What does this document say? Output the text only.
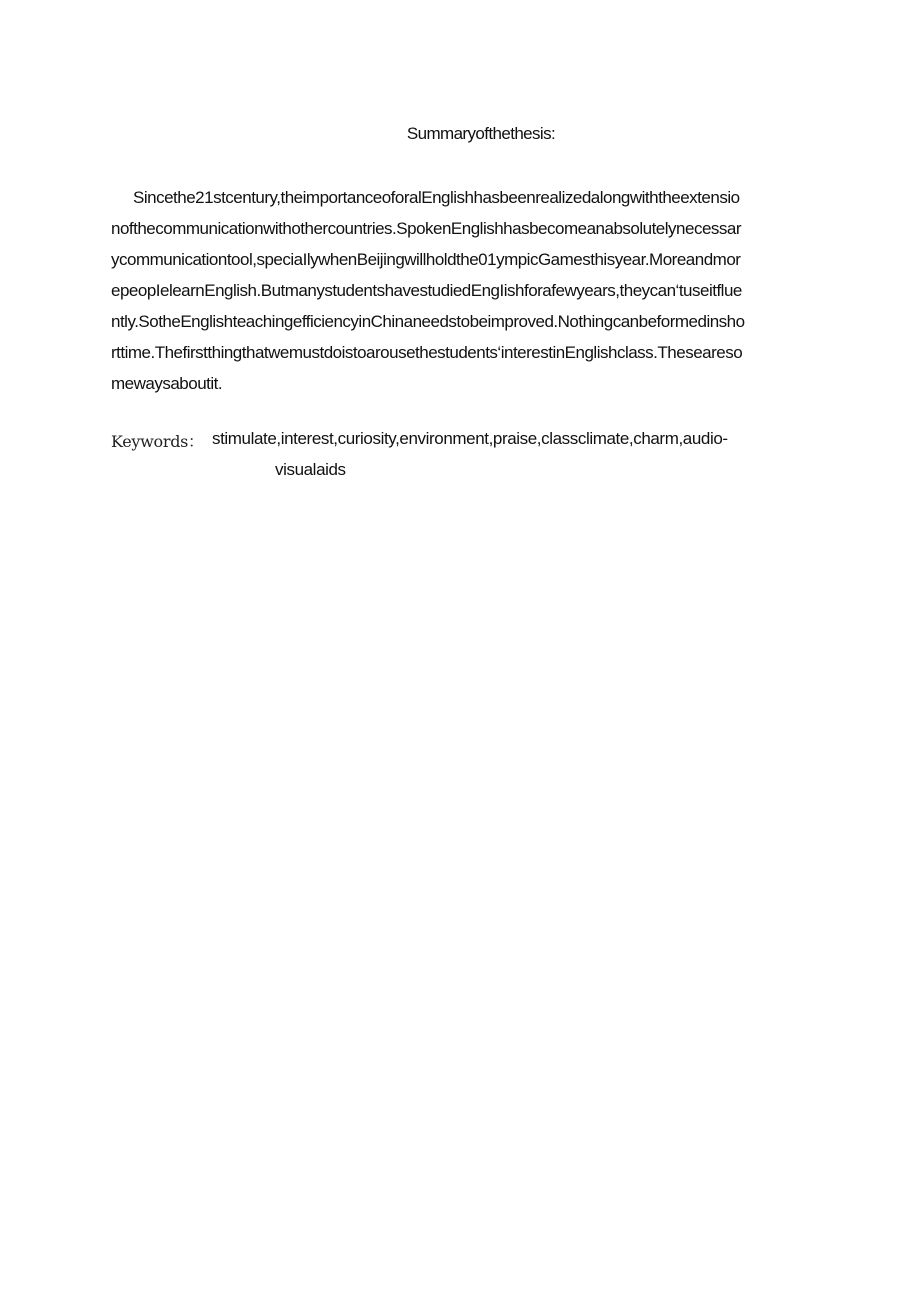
Summaryofthethesis:
Sincethe21stcentury,theimportanceoforalEnglishhasbeenrealizedalongwiththeextensio
nofthecommunicationwithothercountries.SpokenEnglishhasbecomeanabsolutelynecessar
ycommunicationtool,speciaIlywhenBeijingwillholdthe01ympicGamesthisyear.Moreandmor
epeopIelearnEnglish.ButmanystudentshavestudiedEngIishforafewyears,theycan‘tuseitflue
ntly.SotheEnglishteachingefficiencyinChinaneedstobeimproved.Nothingcanbeformedinsho
rttime.Thefirstthingthatwemustdoistoarousethestudents‘interestinEnglishclass.Thesearesо
mewaysaboutit.
Keywords： stimulate,interest,curiosity,environment,praise,classclimate,charm,audio-
visualaids
